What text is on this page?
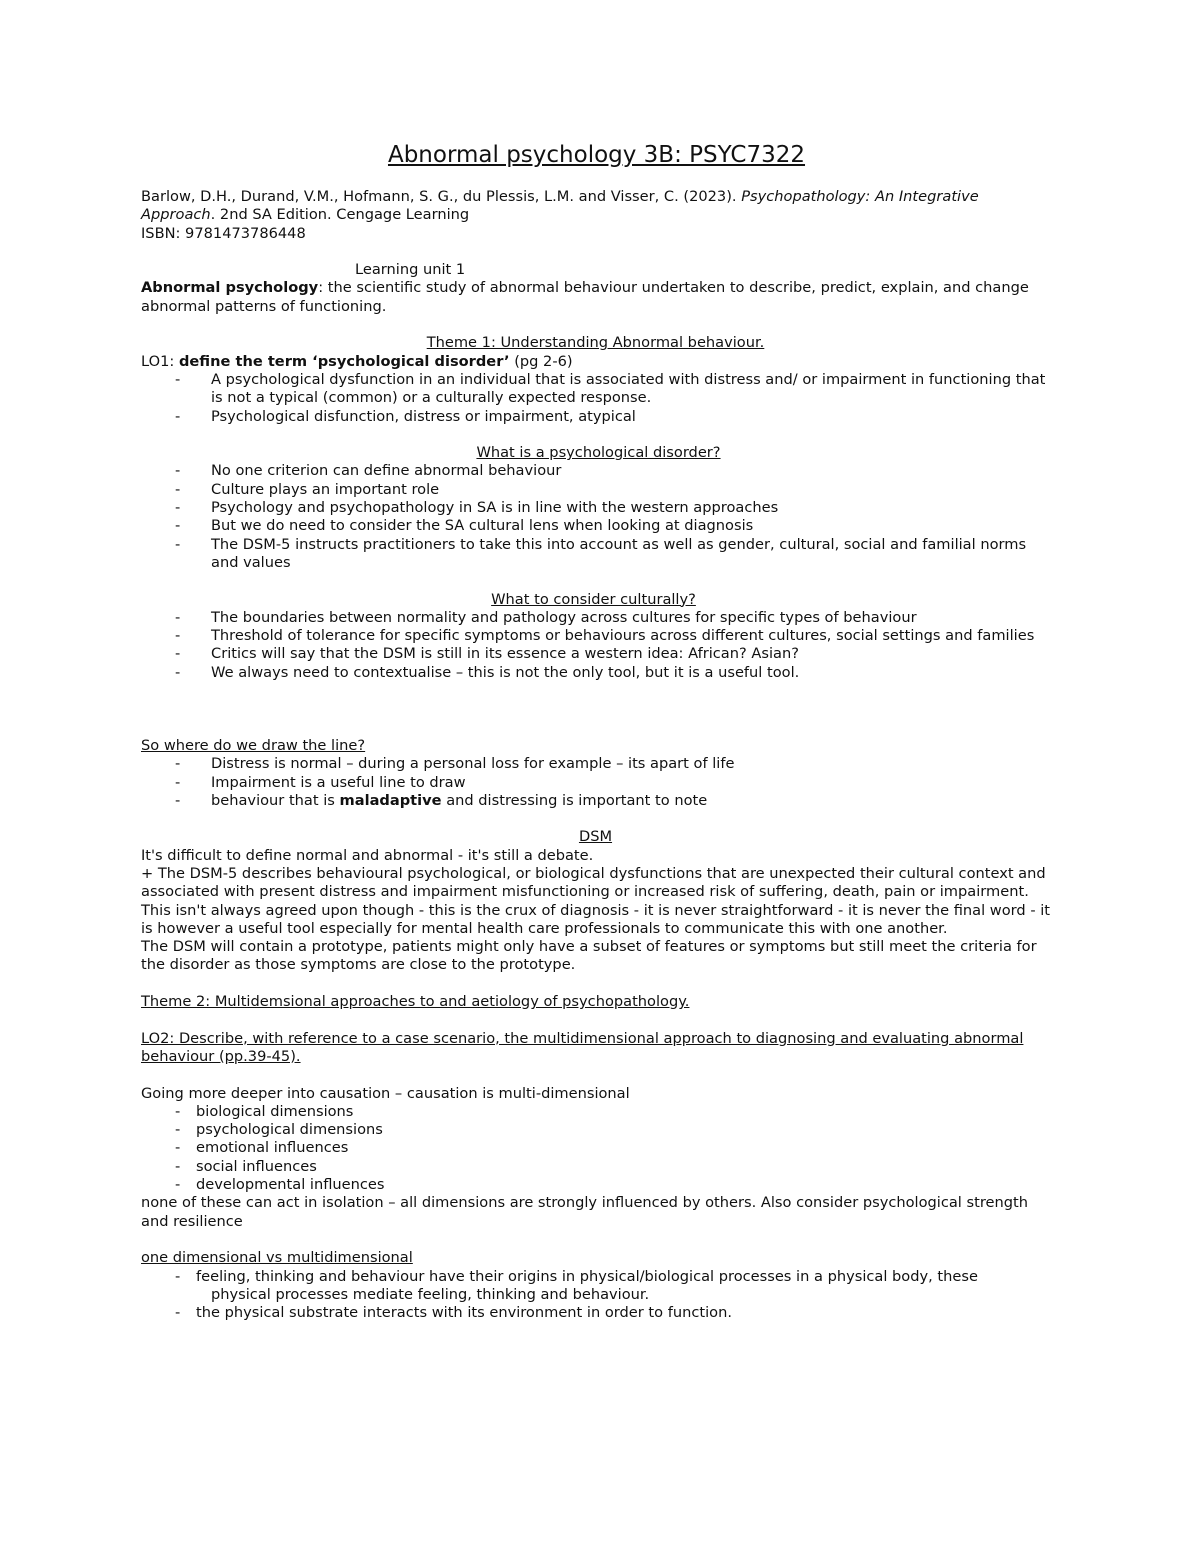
Abnormal psychology 3B: PSYC7322

Barlow, D.H., Durand, V.M., Hofmann, S. G., du Plessis, L.M. and Visser, C. (2023). Psychopathology: An Integrative Approach. 2nd SA Edition. Cengage Learning

ISBN: 9781473786448

Learning unit 1

Abnormal psychology: the scientific study of abnormal behaviour undertaken to describe, predict, explain, and change abnormal patterns of functioning.

Theme 1: Understanding Abnormal behaviour.

LO1: define the term ‘psychological disorder’ (pg 2-6)

- A psychological dysfunction in an individual that is associated with distress and/ or impairment in functioning that is not a typical (common) or a culturally expected response.
- Psychological disfunction, distress or impairment, atypical

What is a psychological disorder?

- No one criterion can define abnormal behaviour
- Culture plays an important role
- Psychology and psychopathology in SA is in line with the western approaches
- But we do need to consider the SA cultural lens when looking at diagnosis
- The DSM-5 instructs practitioners to take this into account as well as gender, cultural, social and familial norms and values

What to consider culturally?

- The boundaries between normality and pathology across cultures for specific types of behaviour
- Threshold of tolerance for specific symptoms or behaviours across different cultures, social settings and families
- Critics will say that the DSM is still in its essence a western idea: African? Asian?
- We always need to contextualise – this is not the only tool, but it is a useful tool.

So where do we draw the line?

- Distress is normal – during a personal loss for example – its apart of life
- Impairment is a useful line to draw
- behaviour that is maladaptive and distressing is important to note

DSM

It's difficult to define normal and abnormal - it's still a debate.

+ The DSM-5 describes behavioural psychological, or biological dysfunctions that are unexpected their cultural context and associated with present distress and impairment misfunctioning or increased risk of suffering, death, pain or impairment.

This isn't always agreed upon though - this is the crux of diagnosis - it is never straightforward - it is never the final word - it is however a useful tool especially for mental health care professionals to communicate this with one another.

The DSM will contain a prototype, patients might only have a subset of features or symptoms but still meet the criteria for the disorder as those symptoms are close to the prototype.

Theme 2: Multidemsional approaches to and aetiology of psychopathology.

LO2: Describe, with reference to a case scenario, the multidimensional approach to diagnosing and evaluating abnormal behaviour (pp.39-45).

Going more deeper into causation – causation is multi-dimensional

- biological dimensions
- psychological dimensions
- emotional influences
- social influences
- developmental influences

none of these can act in isolation – all dimensions are strongly influenced by others. Also consider psychological strength and resilience

one dimensional vs multidimensional

- feeling, thinking and behaviour have their origins in physical/biological processes in a physical body, these
physical processes mediate feeling, thinking and behaviour.
- the physical substrate interacts with its environment in order to function.
